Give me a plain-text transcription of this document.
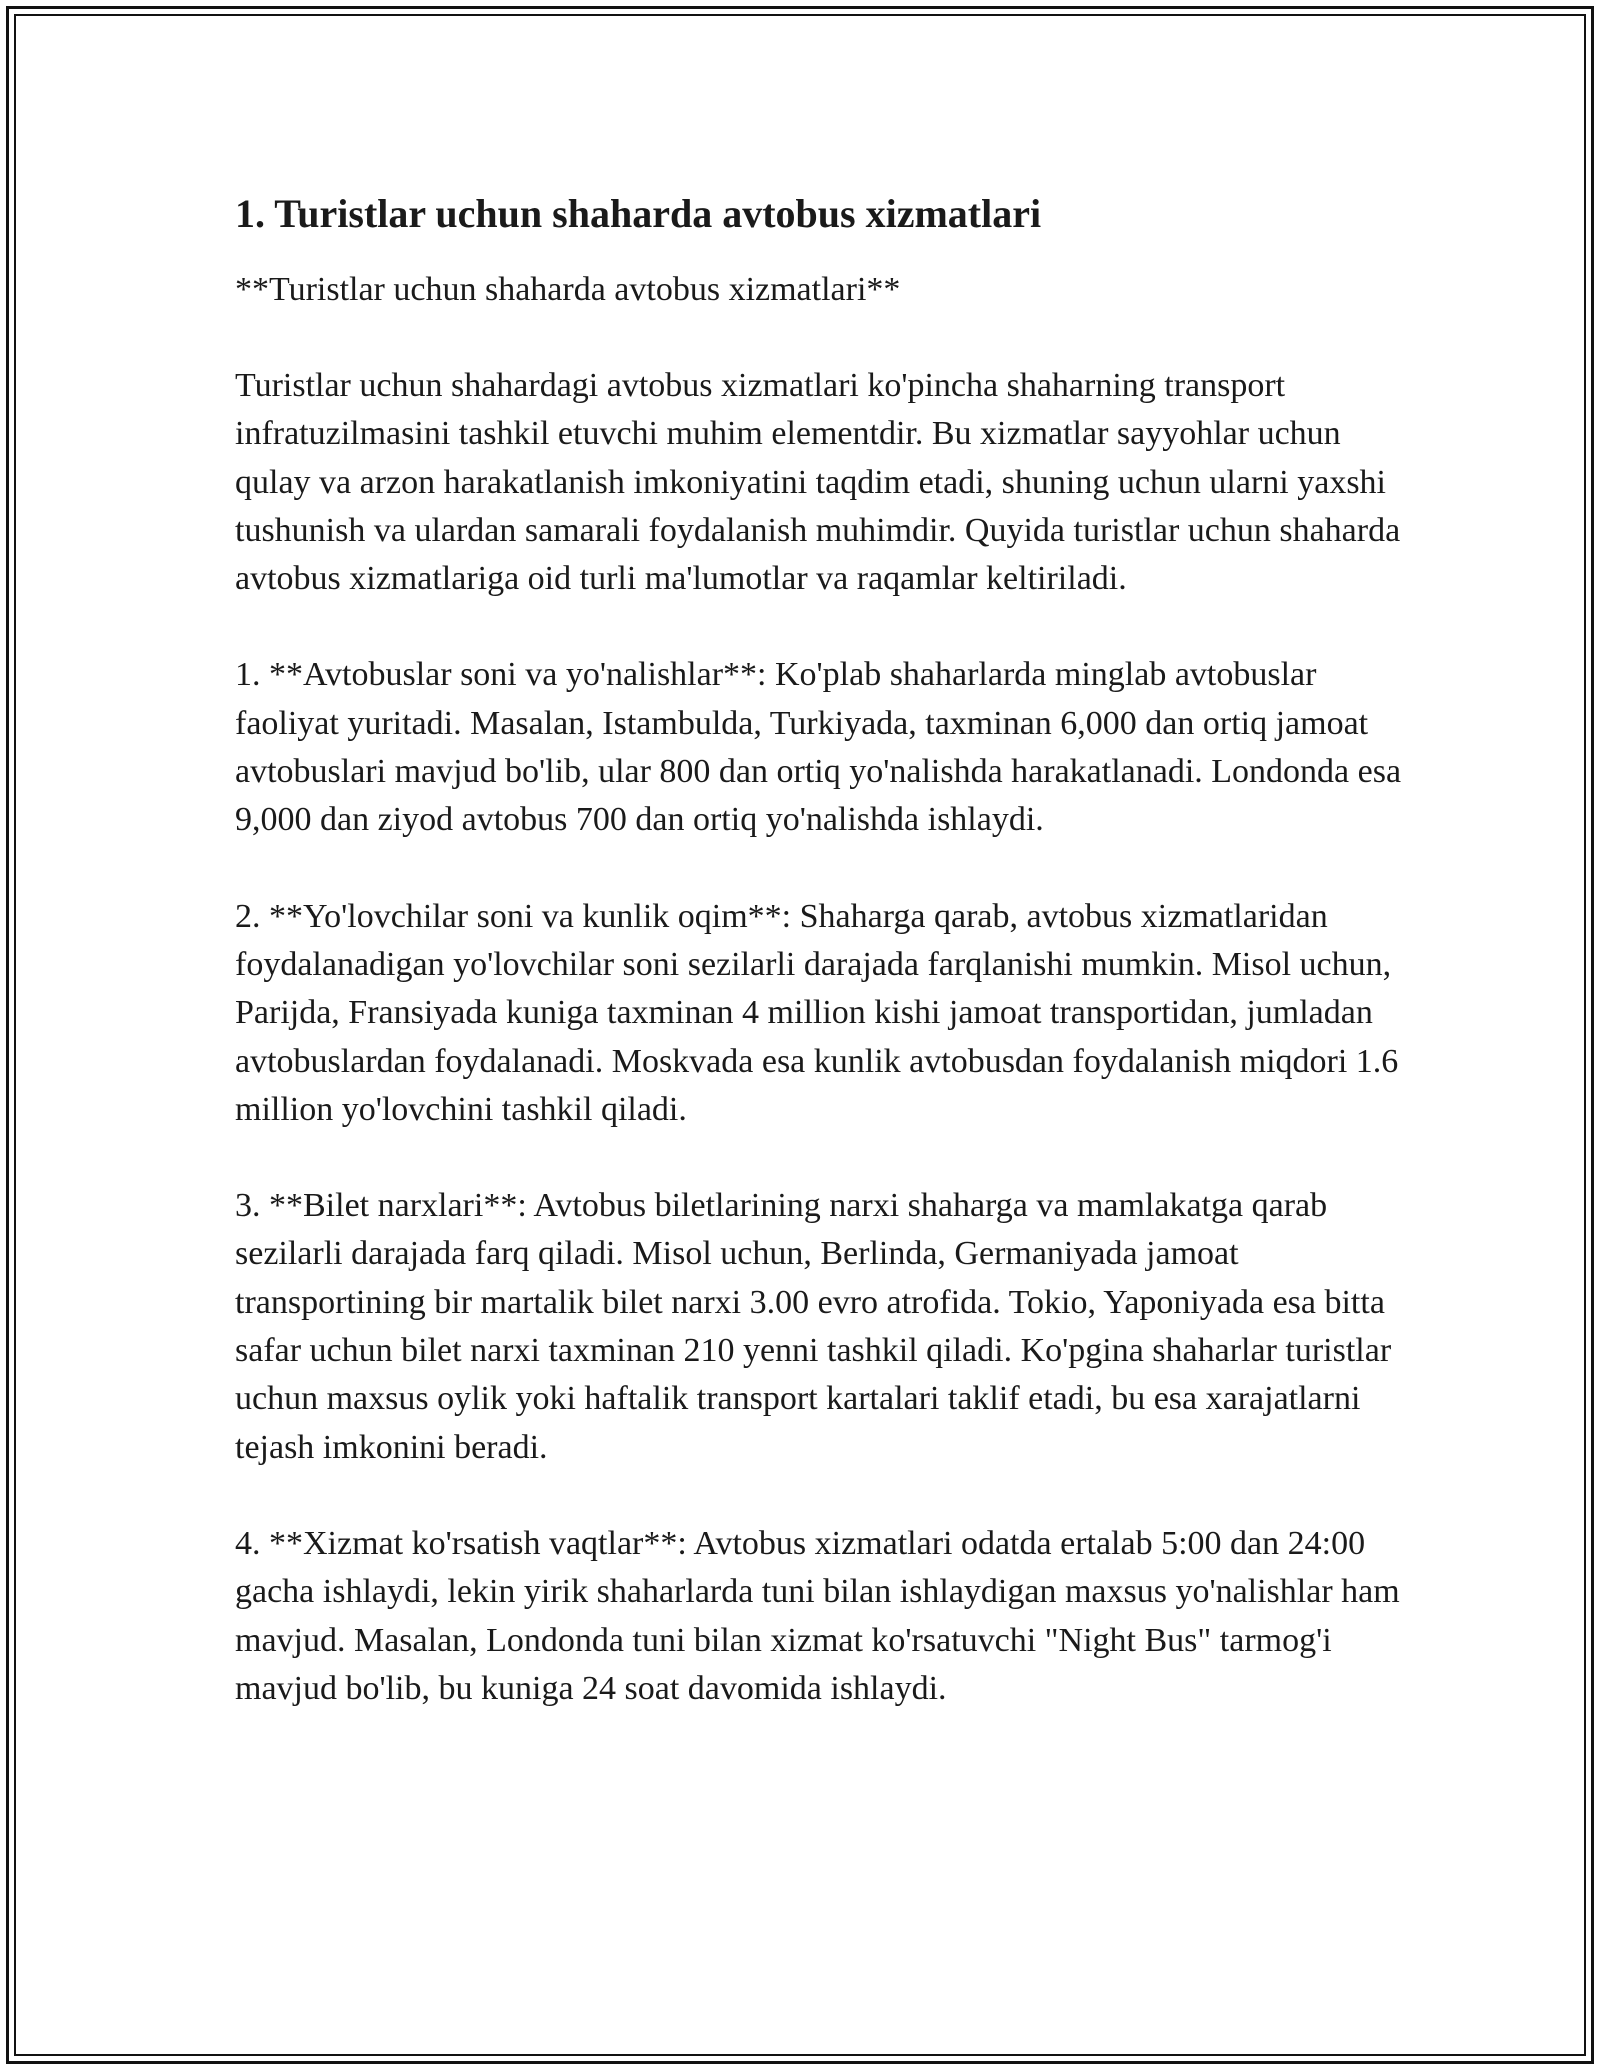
1. Turistlar uchun shaharda avtobus xizmatlari

**Turistlar uchun shaharda avtobus xizmatlari**

Turistlar uchun shahardagi avtobus xizmatlari ko'pincha shaharning transport infratuzilmasini tashkil etuvchi muhim elementdir. Bu xizmatlar sayyohlar uchun qulay va arzon harakatlanish imkoniyatini taqdim etadi, shuning uchun ularni yaxshi tushunish va ulardan samarali foydalanish muhimdir. Quyida turistlar uchun shaharda avtobus xizmatlariga oid turli ma'lumotlar va raqamlar keltiriladi.

1. **Avtobuslar soni va yo'nalishlar**: Ko'plab shaharlarda minglab avtobuslar faoliyat yuritadi. Masalan, Istambulda, Turkiyada, taxminan 6,000 dan ortiq jamoat avtobuslari mavjud bo'lib, ular 800 dan ortiq yo'nalishda harakatlanadi. Londonda esa 9,000 dan ziyod avtobus 700 dan ortiq yo'nalishda ishlaydi.

2. **Yo'lovchilar soni va kunlik oqim**: Shaharga qarab, avtobus xizmatlaridan foydalanadigan yo'lovchilar soni sezilarli darajada farqlanishi mumkin. Misol uchun, Parijda, Fransiyada kuniga taxminan 4 million kishi jamoat transportidan, jumladan avtobuslardan foydalanadi. Moskvada esa kunlik avtobusdan foydalanish miqdori 1.6 million yo'lovchini tashkil qiladi.

3. **Bilet narxlari**: Avtobus biletlarining narxi shaharga va mamlakatga qarab sezilarli darajada farq qiladi. Misol uchun, Berlinda, Germaniyada jamoat transportining bir martalik bilet narxi 3.00 evro atrofida. Tokio, Yaponiyada esa bitta safar uchun bilet narxi taxminan 210 yenni tashkil qiladi. Ko'pgina shaharlar turistlar uchun maxsus oylik yoki haftalik transport kartalari taklif etadi, bu esa xarajatlarni tejash imkonini beradi.

4. **Xizmat ko'rsatish vaqtlar**: Avtobus xizmatlari odatda ertalab 5:00 dan 24:00 gacha ishlaydi, lekin yirik shaharlarda tuni bilan ishlaydigan maxsus yo'nalishlar ham mavjud. Masalan, Londonda tuni bilan xizmat ko'rsatuvchi "Night Bus" tarmog'i mavjud bo'lib, bu kuniga 24 soat davomida ishlaydi.
